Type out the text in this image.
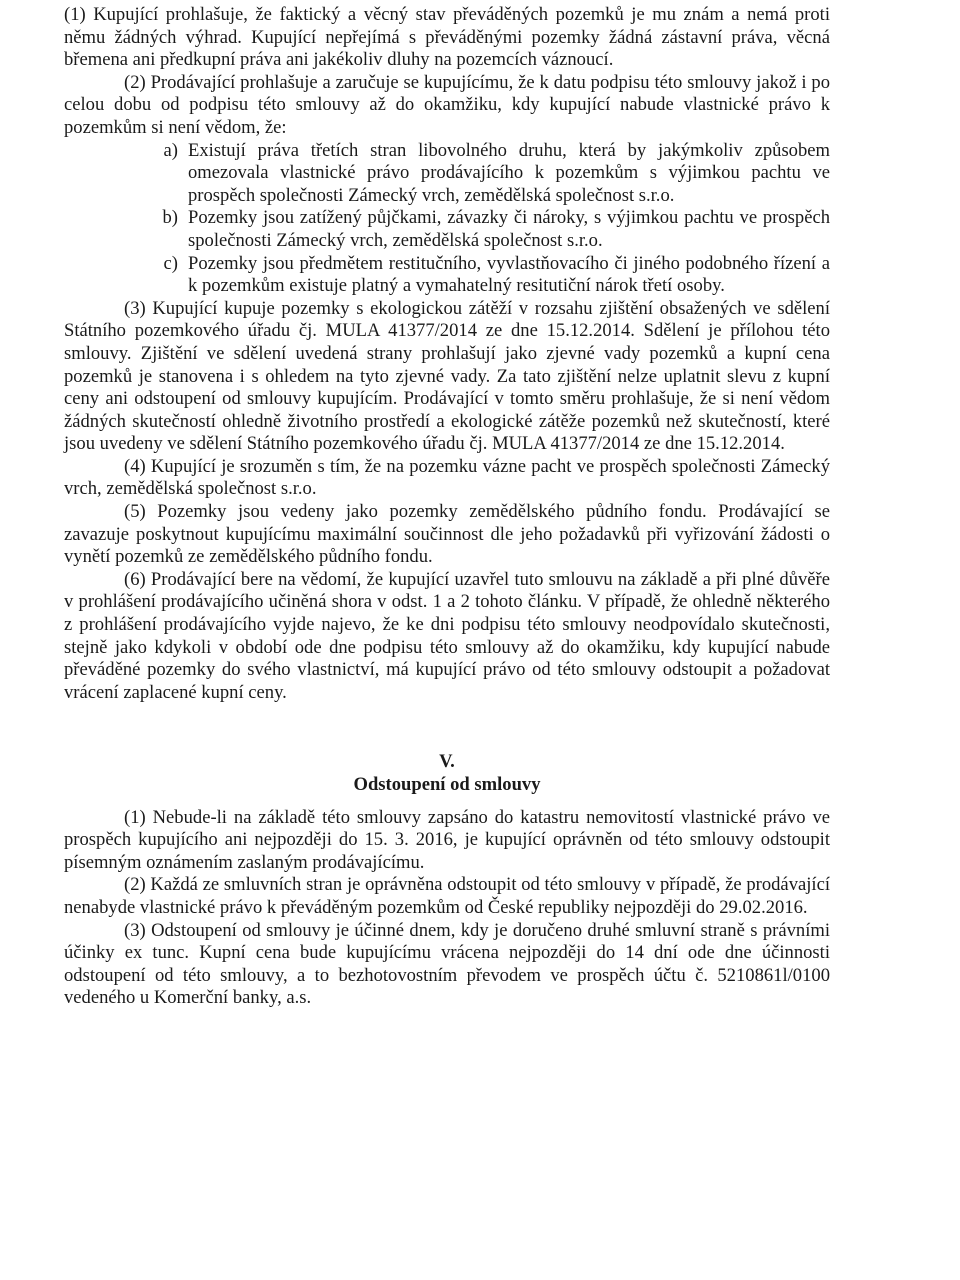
(1) Kupující prohlašuje, že faktický a věcný stav převáděných pozemků je mu znám a nemá proti němu žádných výhrad. Kupující nepřejímá s převáděnými pozemky žádná zástavní práva, věcná břemena ani předkupní práva ani jakékoliv dluhy na pozemcích váznoucí.

(2) Prodávající prohlašuje a zaručuje se kupujícímu, že k datu podpisu této smlouvy jakož i po celou dobu od podpisu této smlouvy až do okamžiku, kdy kupující nabude vlastnické právo k pozemkům si není vědom, že:

a) Existují práva třetích stran libovolného druhu, která by jakýmkoliv způsobem omezovala vlastnické právo prodávajícího k pozemkům s výjimkou pachtu ve prospěch společnosti Zámecký vrch, zemědělská společnost s.r.o.
b) Pozemky jsou zatížený půjčkami, závazky či nároky, s výjimkou pachtu ve prospěch společnosti Zámecký vrch, zemědělská společnost s.r.o.
c) Pozemky jsou předmětem restitučního, vyvlastňovacího či jiného podobného řízení a k pozemkům existuje platný a vymahatelný resitutiční nárok třetí osoby.

(3) Kupující kupuje pozemky s ekologickou zátěží v rozsahu zjištění obsažených ve sdělení Státního pozemkového úřadu čj. MULA 41377/2014 ze dne 15.12.2014. Sdělení je přílohou této smlouvy. Zjištění ve sdělení uvedená strany prohlašují jako zjevné vady pozemků a kupní cena pozemků je stanovena i s ohledem na tyto zjevné vady. Za tato zjištění nelze uplatnit slevu z kupní ceny ani odstoupení od smlouvy kupujícím. Prodávající v tomto směru prohlašuje, že si není vědom žádných skutečností ohledně životního prostředí a ekologické zátěže pozemků než skutečností, které jsou uvedeny ve sdělení Státního pozemkového úřadu čj. MULA 41377/2014 ze dne 15.12.2014.

(4) Kupující je srozuměn s tím, že na pozemku vázne pacht ve prospěch společnosti Zámecký vrch, zemědělská společnost s.r.o.

(5) Pozemky jsou vedeny jako pozemky zemědělského půdního fondu. Prodávající se zavazuje poskytnout kupujícímu maximální součinnost dle jeho požadavků při vyřizování žádosti o vynětí pozemků ze zemědělského půdního fondu.

(6) Prodávající bere na vědomí, že kupující uzavřel tuto smlouvu na základě a při plné důvěře v prohlášení prodávajícího učiněná shora v odst. 1 a 2 tohoto článku. V případě, že ohledně některého z prohlášení prodávajícího vyjde najevo, že ke dni podpisu této smlouvy neodpovídalo skutečnosti, stejně jako kdykoli v období ode dne podpisu této smlouvy až do okamžiku, kdy kupující nabude převáděné pozemky do svého vlastnictví, má kupující právo od této smlouvy odstoupit a požadovat vrácení zaplacené kupní ceny.

V.

Odstoupení od smlouvy

(1) Nebude-li na základě této smlouvy zapsáno do katastru nemovitostí vlastnické právo ve prospěch kupujícího ani nejpozději do 15. 3. 2016, je kupující oprávněn od této smlouvy odstoupit písemným oznámením zaslaným prodávajícímu.

(2) Každá ze smluvních stran je oprávněna odstoupit od této smlouvy v případě, že prodávající nenabyde vlastnické právo k převáděným pozemkům od České republiky nejpozději do 29.02.2016.

(3) Odstoupení od smlouvy je účinné dnem, kdy je doručeno druhé smluvní straně s právními účinky ex tunc. Kupní cena bude kupujícímu vrácena nejpozději do 14 dní ode dne účinnosti odstoupení od této smlouvy, a to bezhotovostním převodem ve prospěch účtu č. 5210861l/0100 vedeného u Komerční banky, a.s.
